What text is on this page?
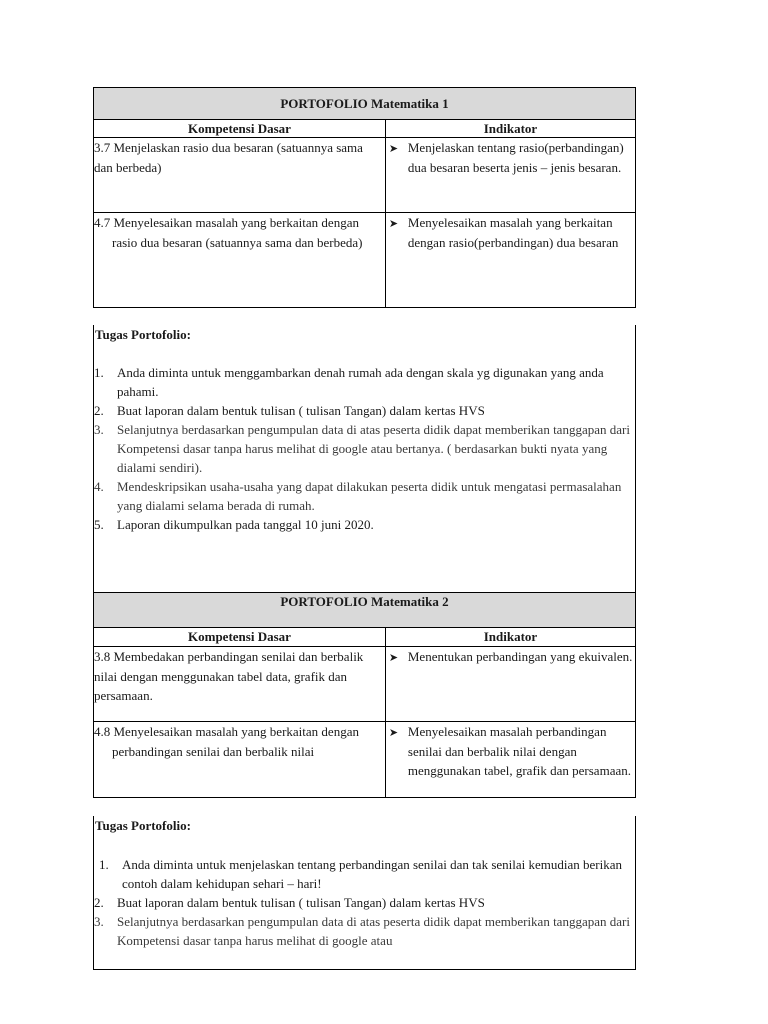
PORTOFOLIO Matematika 1
Kompetensi Dasar	Indikator
3.7 Menjelaskan rasio dua besaran (satuannya sama dan berbeda)
➤ Menjelaskan tentang rasio(perbandingan) dua besaran beserta jenis – jenis besaran.
4.7 Menyelesaikan masalah yang berkaitan dengan rasio dua besaran (satuannya sama dan berbeda)
➤ Menyelesaikan masalah yang berkaitan dengan rasio(perbandingan) dua besaran
Tugas Portofolio:
1.	Anda diminta untuk menggambarkan denah rumah ada dengan skala yg digunakan yang anda pahami.
2.	Buat laporan dalam bentuk tulisan ( tulisan Tangan) dalam kertas HVS
3.	Selanjutnya berdasarkan pengumpulan data di atas peserta didik dapat memberikan tanggapan dari Kompetensi dasar tanpa harus melihat di google atau bertanya. ( berdasarkan bukti nyata yang dialami sendiri).
4.	Mendeskripsikan usaha-usaha yang dapat dilakukan peserta didik untuk mengatasi permasalahan yang dialami selama berada di rumah.
5.	Laporan dikumpulkan pada tanggal 10 juni 2020.
PORTOFOLIO Matematika 2
Kompetensi Dasar	Indikator
3.8 Membedakan perbandingan senilai dan berbalik nilai dengan menggunakan tabel data, grafik dan persamaan.
➤ Menentukan perbandingan yang ekuivalen.
4.8 Menyelesaikan masalah yang berkaitan dengan perbandingan senilai dan berbalik nilai
➤ Menyelesaikan masalah perbandingan senilai dan berbalik nilai dengan menggunakan tabel, grafik dan persamaan.
Tugas Portofolio:
1.	Anda diminta untuk menjelaskan tentang perbandingan senilai dan tak senilai kemudian berikan contoh dalam kehidupan sehari – hari!
2.	Buat laporan dalam bentuk tulisan ( tulisan Tangan) dalam kertas HVS
3.	Selanjutnya berdasarkan pengumpulan data di atas peserta didik dapat memberikan tanggapan dari Kompetensi dasar tanpa harus melihat di google atau
